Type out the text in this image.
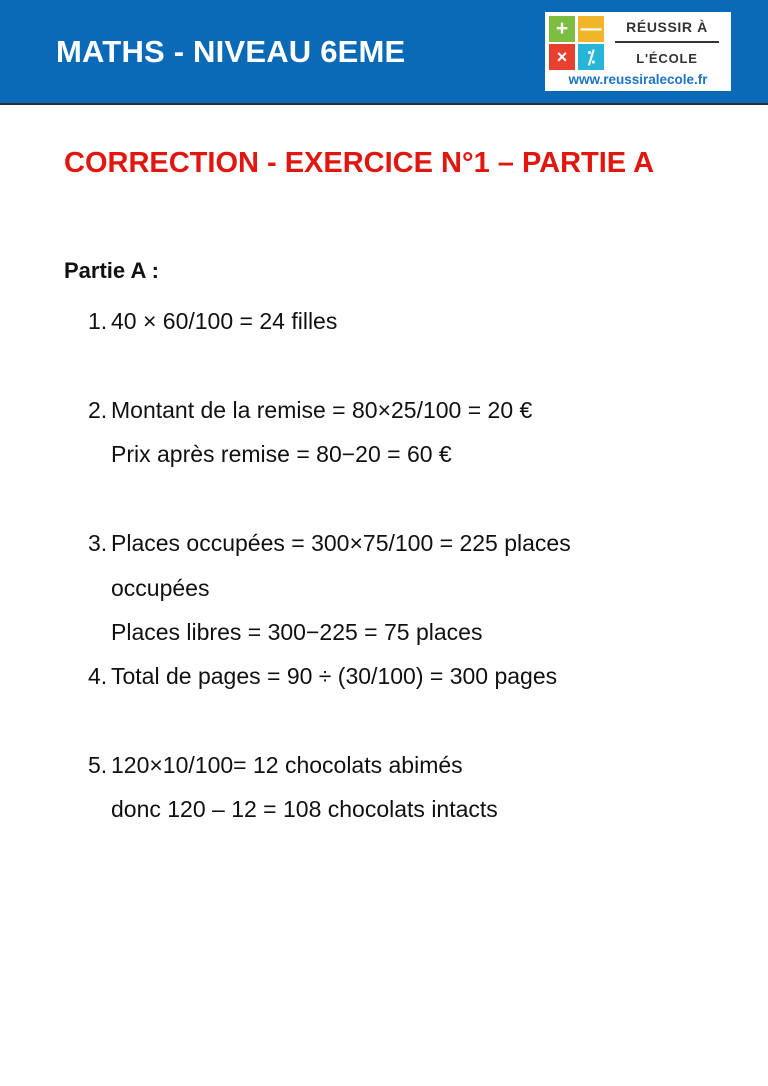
MATHS - NIVEAU 6EME
+ —
×	⁒
RÉUSSIR À
L'ÉCOLE
www.reussiralecole.fr
CORRECTION - EXERCICE N°1 – PARTIE A
Partie A :
1. 40 × 60/100 = 24 filles
2. Montant de la remise = 80×25/100 = 20 €
Prix après remise = 80−20 = 60 €
3. Places occupées = 300×75/100 = 225 places
occupées
Places libres = 300−225 = 75 places
4. Total de pages = 90 ÷ (30/100) = 300 pages
5. 120×10/100= 12 chocolats abimés
donc 120 – 12 = 108 chocolats intacts
